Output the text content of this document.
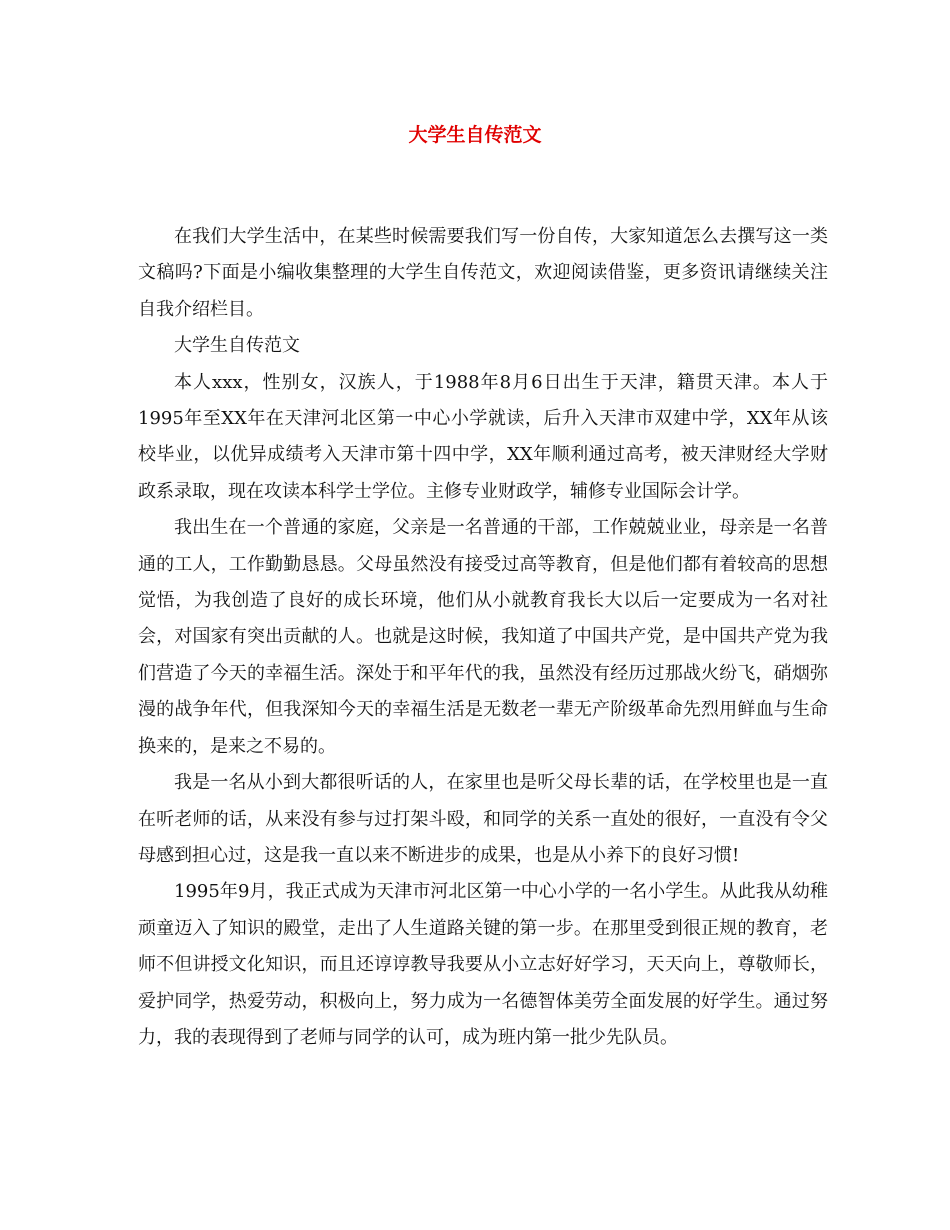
大学生自传范文

在我们大学生活中，在某些时候需要我们写一份自传，大家知道怎么去撰写这一类文稿吗?下面是小编收集整理的大学生自传范文，欢迎阅读借鉴，更多资讯请继续关注自我介绍栏目。

大学生自传范文

本人xxx，性别女，汉族人，于1988年8月6日出生于天津，籍贯天津。本人于1995年至XX年在天津河北区第一中心小学就读，后升入天津市双建中学，XX年从该校毕业，以优异成绩考入天津市第十四中学，XX年顺利通过高考，被天津财经大学财政系录取，现在攻读本科学士学位。主修专业财政学，辅修专业国际会计学。

我出生在一个普通的家庭，父亲是一名普通的干部，工作兢兢业业，母亲是一名普通的工人，工作勤勤恳恳。父母虽然没有接受过高等教育，但是他们都有着较高的思想觉悟，为我创造了良好的成长环境，他们从小就教育我长大以后一定要成为一名对社会，对国家有突出贡献的人。也就是这时候，我知道了中国共产党，是中国共产党为我们营造了今天的幸福生活。深处于和平年代的我，虽然没有经历过那战火纷飞，硝烟弥漫的战争年代，但我深知今天的幸福生活是无数老一辈无产阶级革命先烈用鲜血与生命换来的，是来之不易的。

我是一名从小到大都很听话的人，在家里也是听父母长辈的话，在学校里也是一直在听老师的话，从来没有参与过打架斗殴，和同学的关系一直处的很好，一直没有令父母感到担心过，这是我一直以来不断进步的成果，也是从小养下的良好习惯!

1995年9月，我正式成为天津市河北区第一中心小学的一名小学生。从此我从幼稚顽童迈入了知识的殿堂，走出了人生道路关键的第一步。在那里受到很正规的教育，老师不但讲授文化知识，而且还谆谆教导我要从小立志好好学习，天天向上，尊敬师长，爱护同学，热爱劳动，积极向上，努力成为一名德智体美劳全面发展的好学生。通过努力，我的表现得到了老师与同学的认可，成为班内第一批少先队员。
